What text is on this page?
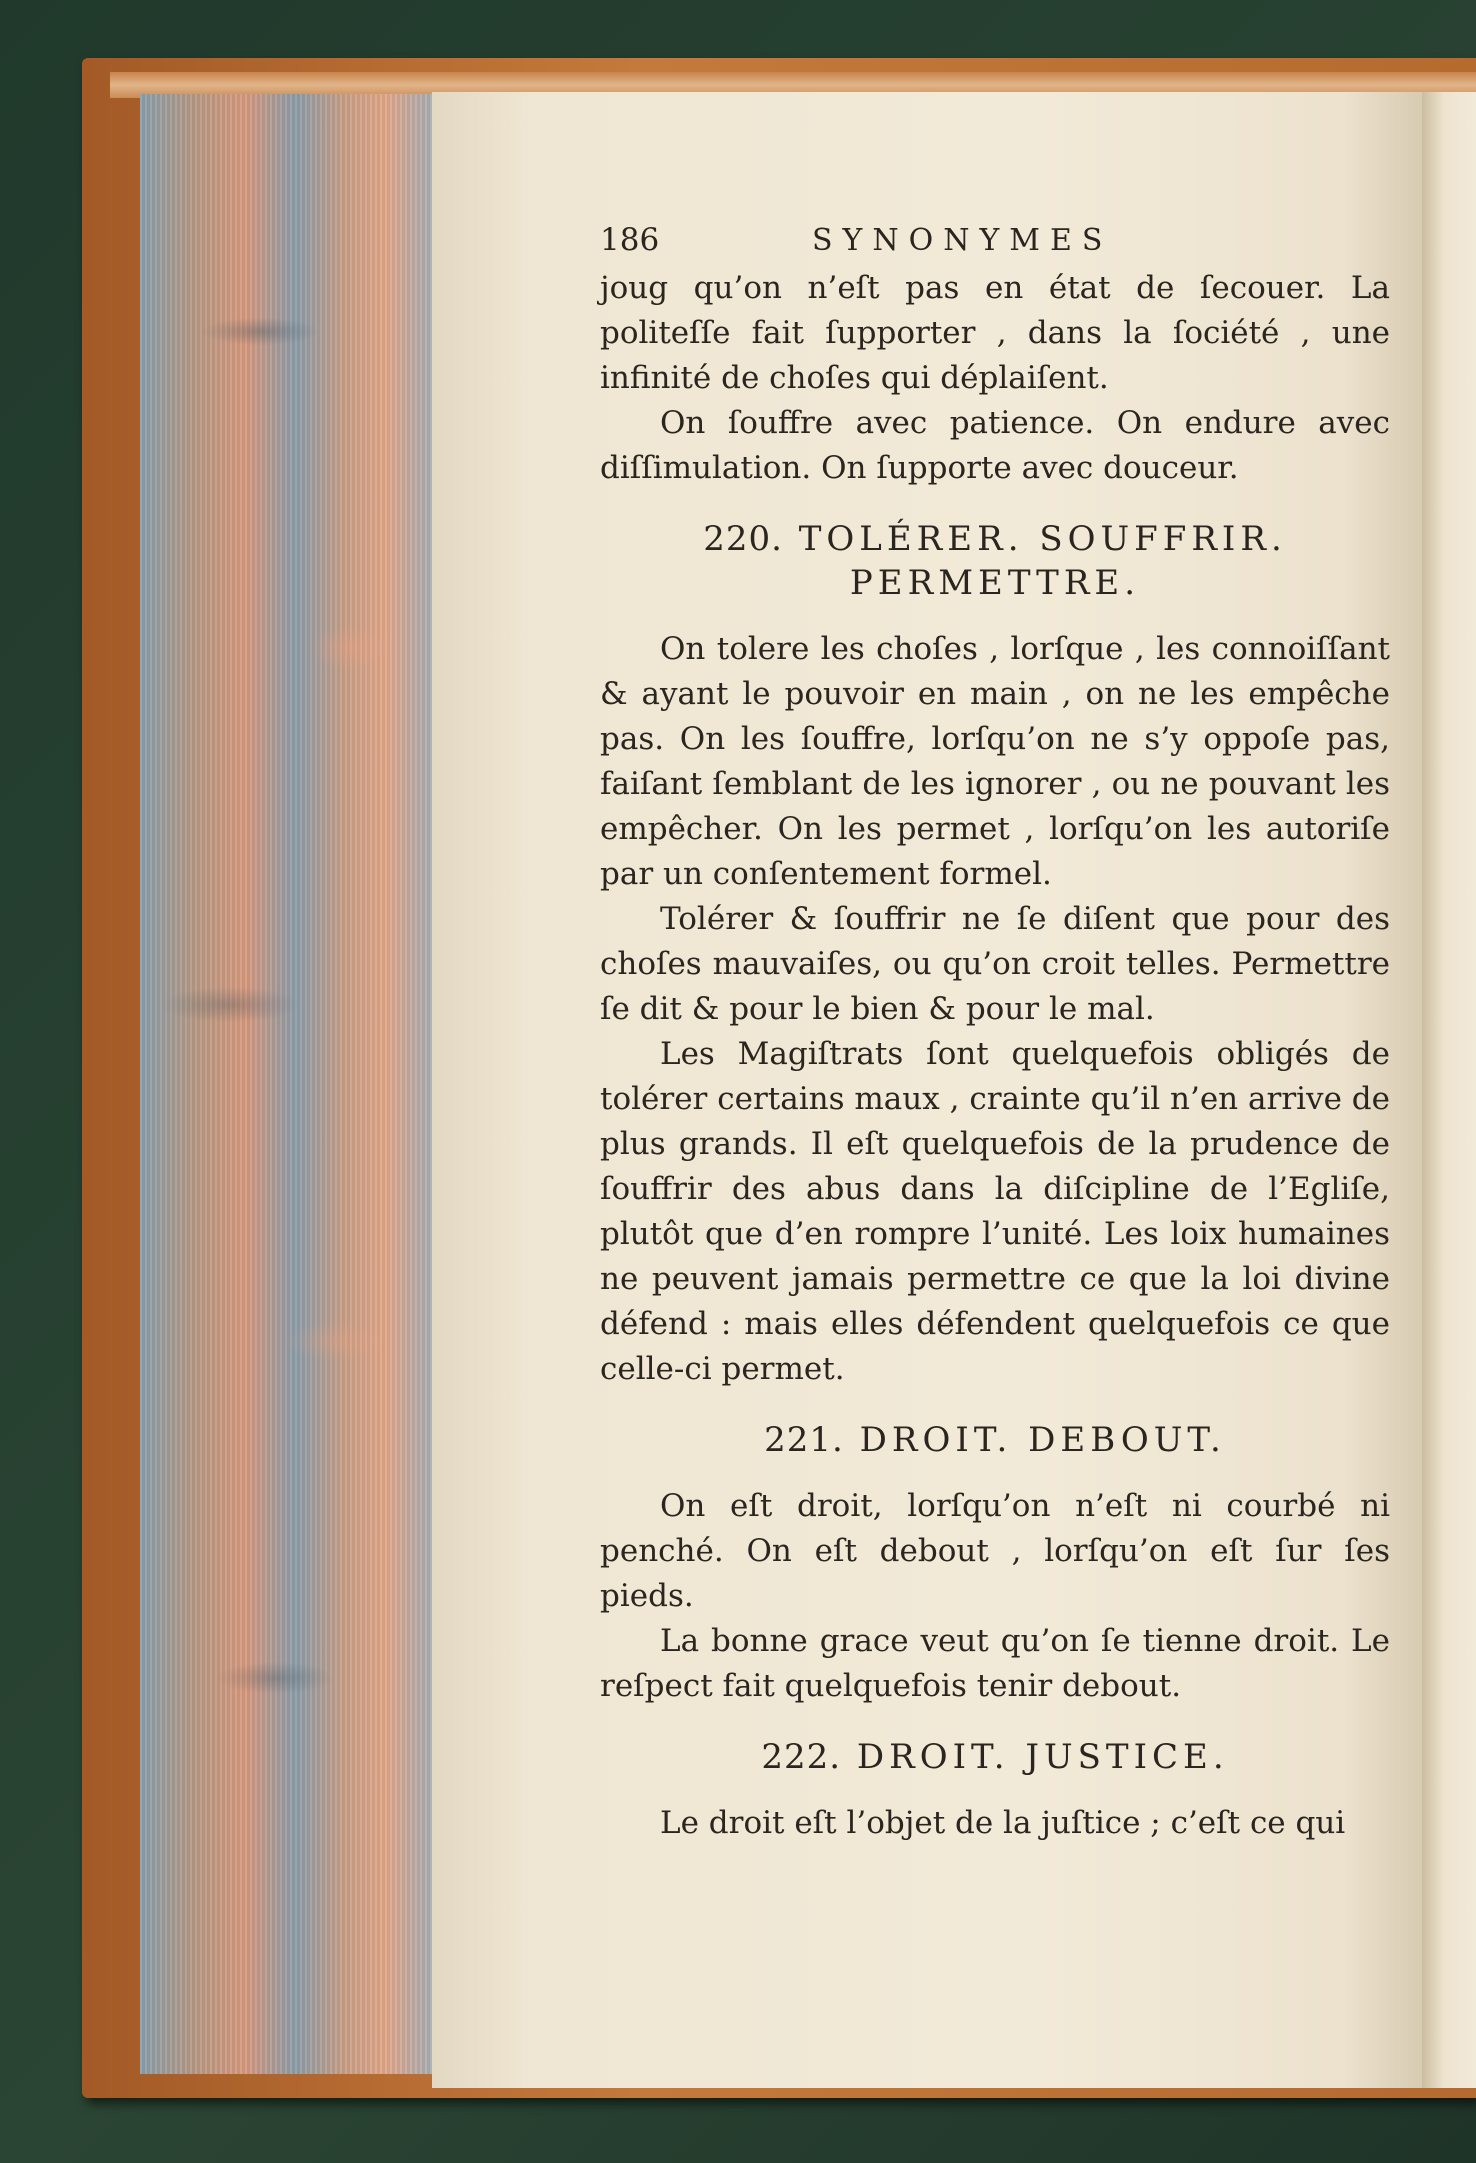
186	SYNONYMES

joug qu’on n’eſt pas en état de ſecouer. La politeſſe fait ſupporter , dans la ſociété , une infinité de choſes qui déplaiſent.

On ſouffre avec patience. On endure avec diſſimulation. On ſupporte avec douceur.

220. TOLÉRER. SOUFFRIR.
PERMETTRE.

On tolere les choſes , lorſque , les connoiſſant & ayant le pouvoir en main , on ne les empêche pas. On les ſouffre, lorſqu’on ne s’y oppoſe pas, faiſant ſemblant de les ignorer , ou ne pouvant les empêcher. On les permet , lorſqu’on les autoriſe par un conſentement formel.

Tolérer & ſouffrir ne ſe diſent que pour des choſes mauvaiſes, ou qu’on croit telles. Permettre ſe dit & pour le bien & pour le mal.

Les Magiſtrats ſont quelquefois obligés de tolérer certains maux , crainte qu’il n’en arrive de plus grands. Il eſt quelquefois de la prudence de ſouffrir des abus dans la diſcipline de l’Egliſe, plutôt que d’en rompre l’unité. Les loix humaines ne peuvent jamais permettre ce que la loi divine défend : mais elles défendent quelquefois ce que celle-ci permet.

221. DROIT. DEBOUT.

On eſt droit, lorſqu’on n’eſt ni courbé ni penché. On eſt debout , lorſqu’on eſt ſur ſes pieds.

La bonne grace veut qu’on ſe tienne droit. Le reſpect fait quelquefois tenir debout.

222. DROIT. JUSTICE.

Le droit eſt l’objet de la juſtice ; c’eſt ce qui
